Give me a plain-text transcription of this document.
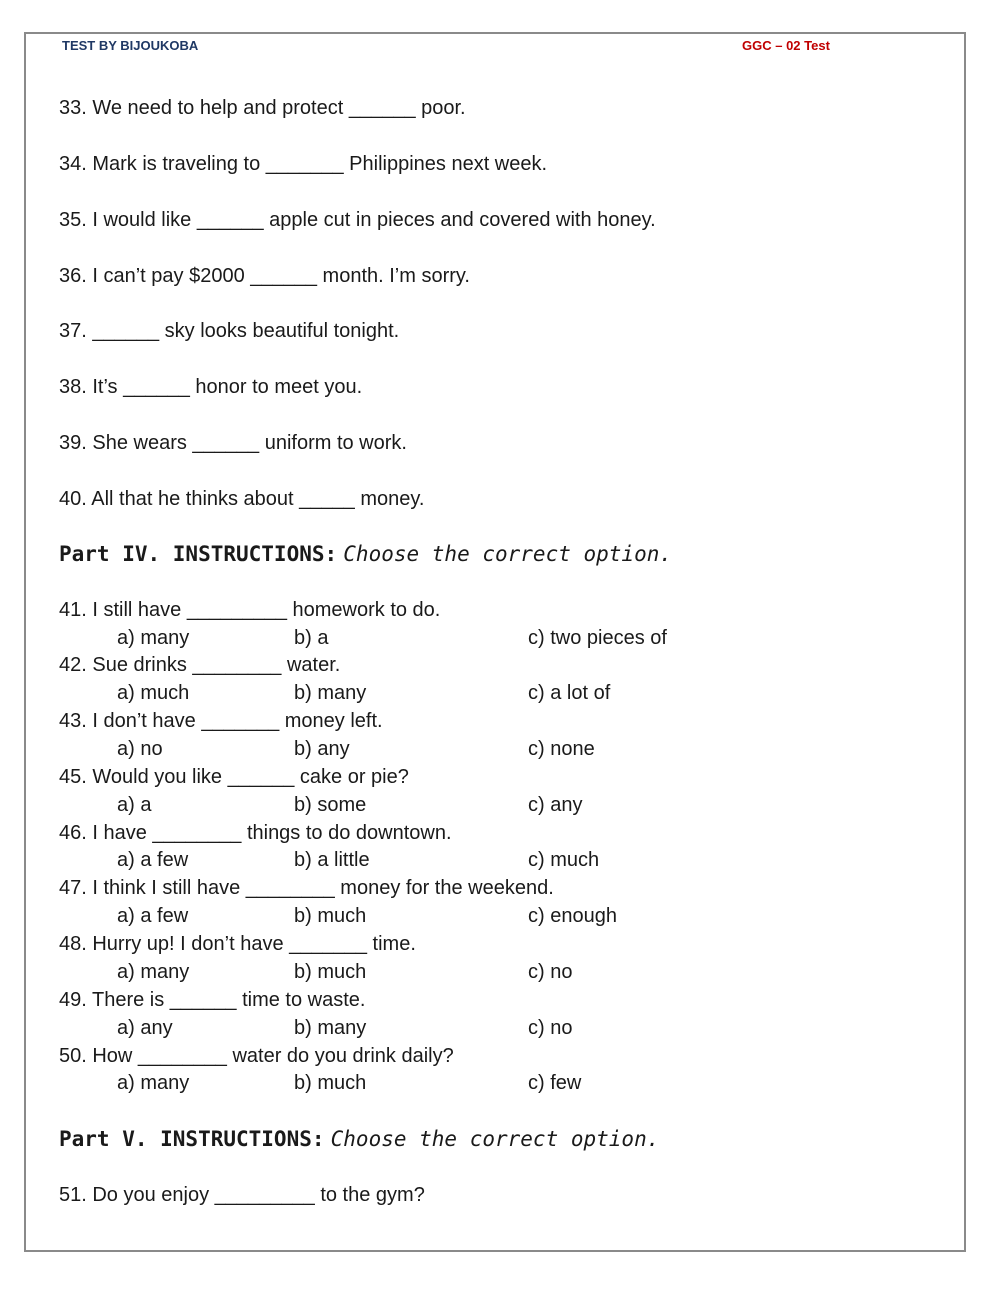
TEST BY BIJOUKOBA	GGC – 02 Test
33. We need to help and protect ______ poor.
34. Mark is traveling to _______ Philippines next week.
35. I would like ______ apple cut in pieces and covered with honey.
36. I can’t pay $2000 ______ month. I’m sorry.
37. ______ sky looks beautiful tonight.
38. It’s ______ honor to meet you.
39. She wears ______ uniform to work.
40. All that he thinks about _____ money.
Part IV. INSTRUCTIONS: Choose the correct option.
41. I still have _________ homework to do.
a) many	b) a	c) two pieces of
42. Sue drinks ________ water.
a) much	b) many	c) a lot of
43. I don’t have _______ money left.
a) no	b) any	c) none
45. Would you like ______ cake or pie?
a) a	b) some	c) any
46. I have ________ things to do downtown.
a) a few	b) a little	c) much
47. I think I still have ________ money for the weekend.
a) a few	b) much	c) enough
48. Hurry up! I don’t have _______ time.
a) many	b) much	c) no
49. There is ______ time to waste.
a) any	b) many	c) no
50. How ________ water do you drink daily?
a) many	b) much	c) few
Part V. INSTRUCTIONS: Choose the correct option.
51. Do you enjoy _________ to the gym?
